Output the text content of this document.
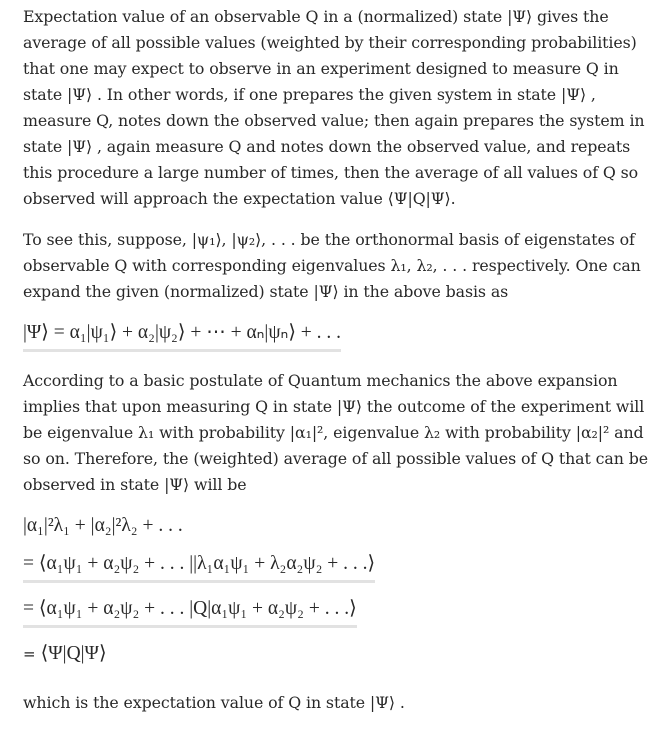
Expectation value of an observable Q in a (normalized) state |Ψ⟩ gives the average of all possible values (weighted by their corresponding probabilities) that one may expect to observe in an experiment designed to measure Q in state |Ψ⟩ . In other words, if one prepares the given system in state |Ψ⟩ , measure Q, notes down the observed value; then again prepares the system in state |Ψ⟩ , again measure Q and notes down the observed value, and repeats this procedure a large number of times, then the average of all values of Q so observed will approach the expectation value ⟨Ψ|Q|Ψ⟩.

To see this, suppose, |ψ₁⟩, |ψ₂⟩, . . . be the orthonormal basis of eigenstates of observable Q with corresponding eigenvalues λ₁, λ₂, . . . respectively. One can expand the given (normalized) state |Ψ⟩ in the above basis as

|Ψ⟩ = α₁|ψ₁⟩ + α₂|ψ₂⟩ + ⋯ + αₙ|ψₙ⟩ + . . .

According to a basic postulate of Quantum mechanics the above expansion implies that upon measuring Q in state |Ψ⟩ the outcome of the experiment will be eigenvalue λ₁ with probability |α₁|², eigenvalue λ₂ with probability |α₂|² and so on. Therefore, the (weighted) average of all possible values of Q that can be observed in state |Ψ⟩ will be

|α₁|²λ₁ + |α₂|²λ₂ + . . .
= ⟨α₁ψ₁ + α₂ψ₂ + . . . ||λ₁α₁ψ₁ + λ₂α₂ψ₂ + . . .⟩
= ⟨α₁ψ₁ + α₂ψ₂ + . . . |Q|α₁ψ₁ + α₂ψ₂ + . . .⟩
= ⟨Ψ|Q|Ψ⟩

which is the expectation value of Q in state |Ψ⟩ .
